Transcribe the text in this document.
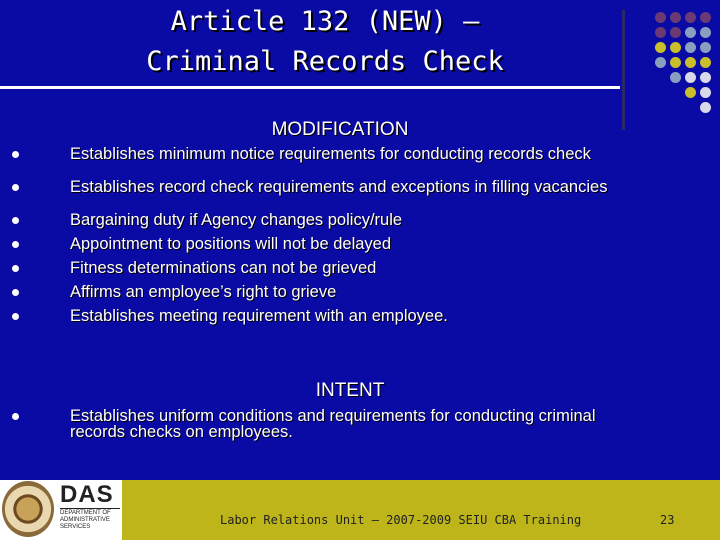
Article 132 (NEW) –
Criminal Records Check
MODIFICATION
Establishes minimum notice requirements for conducting records check
Establishes record check requirements and exceptions in filling vacancies
Bargaining duty if Agency changes policy/rule
Appointment to positions will not be delayed
Fitness determinations can not be grieved
Affirms an employee’s right to grieve
Establishes meeting requirement with an employee.
INTENT
Establishes uniform conditions and requirements for conducting criminal records checks on employees.
DAS
DEPARTMENT OF ADMINISTRATIVE SERVICES	Labor Relations Unit – 2007-2009 SEIU CBA Training	23
